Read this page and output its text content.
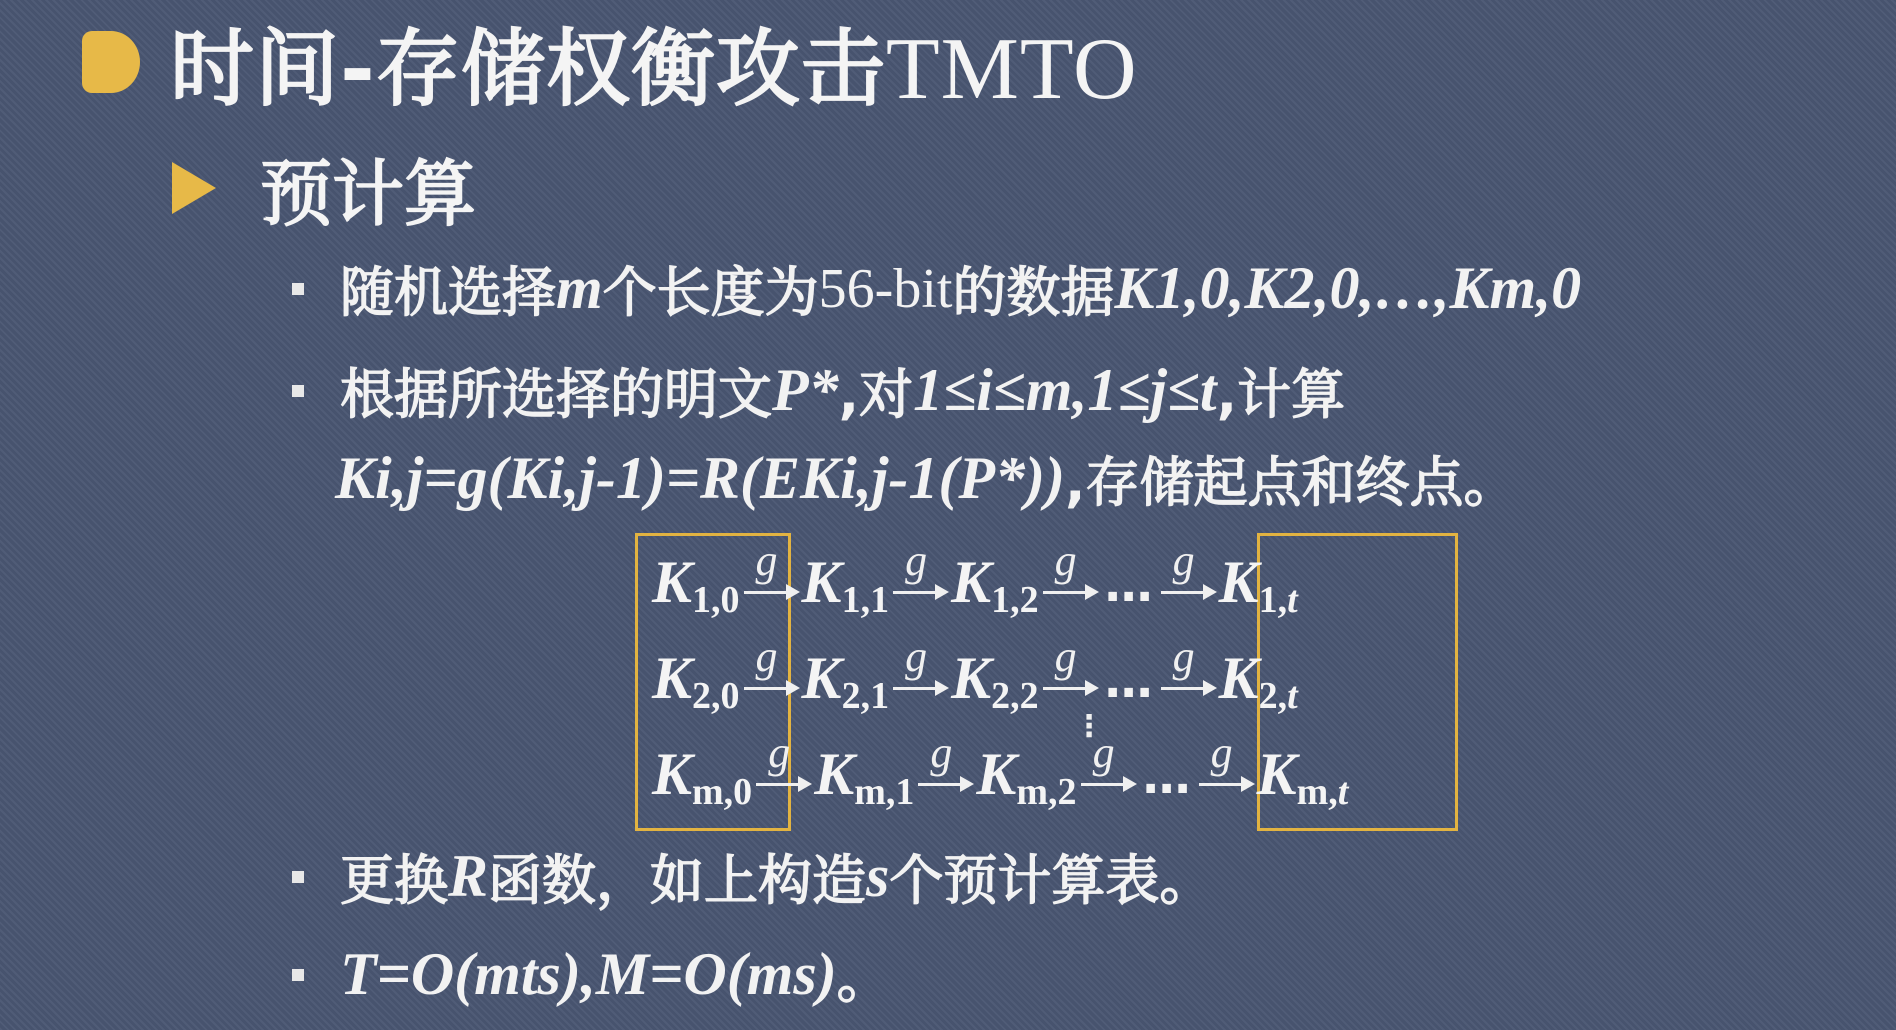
时间-存储权衡攻击TMTO
预计算
随机选择 m 个长度为 56-bit 的数据 K1,0,K2,0,…,Km,0
根据所选择的明文 P* ,对 1≤i≤m,1≤j≤t ,计算
Ki,j=g(Ki,j-1)=R(EKi,j-1(P*)) ,存储起点和终点。
K1,0
g K1,1
g K1,2
g … g K1,t
K2,0
g K2,1
g K2,2
g … g K2,t
⋮
Km,0
g Km,1
g Km,2
g … g Km,t
更换 R 函数，如上构造 s 个预计算表。
T=O(mts),M=O(ms) 。
